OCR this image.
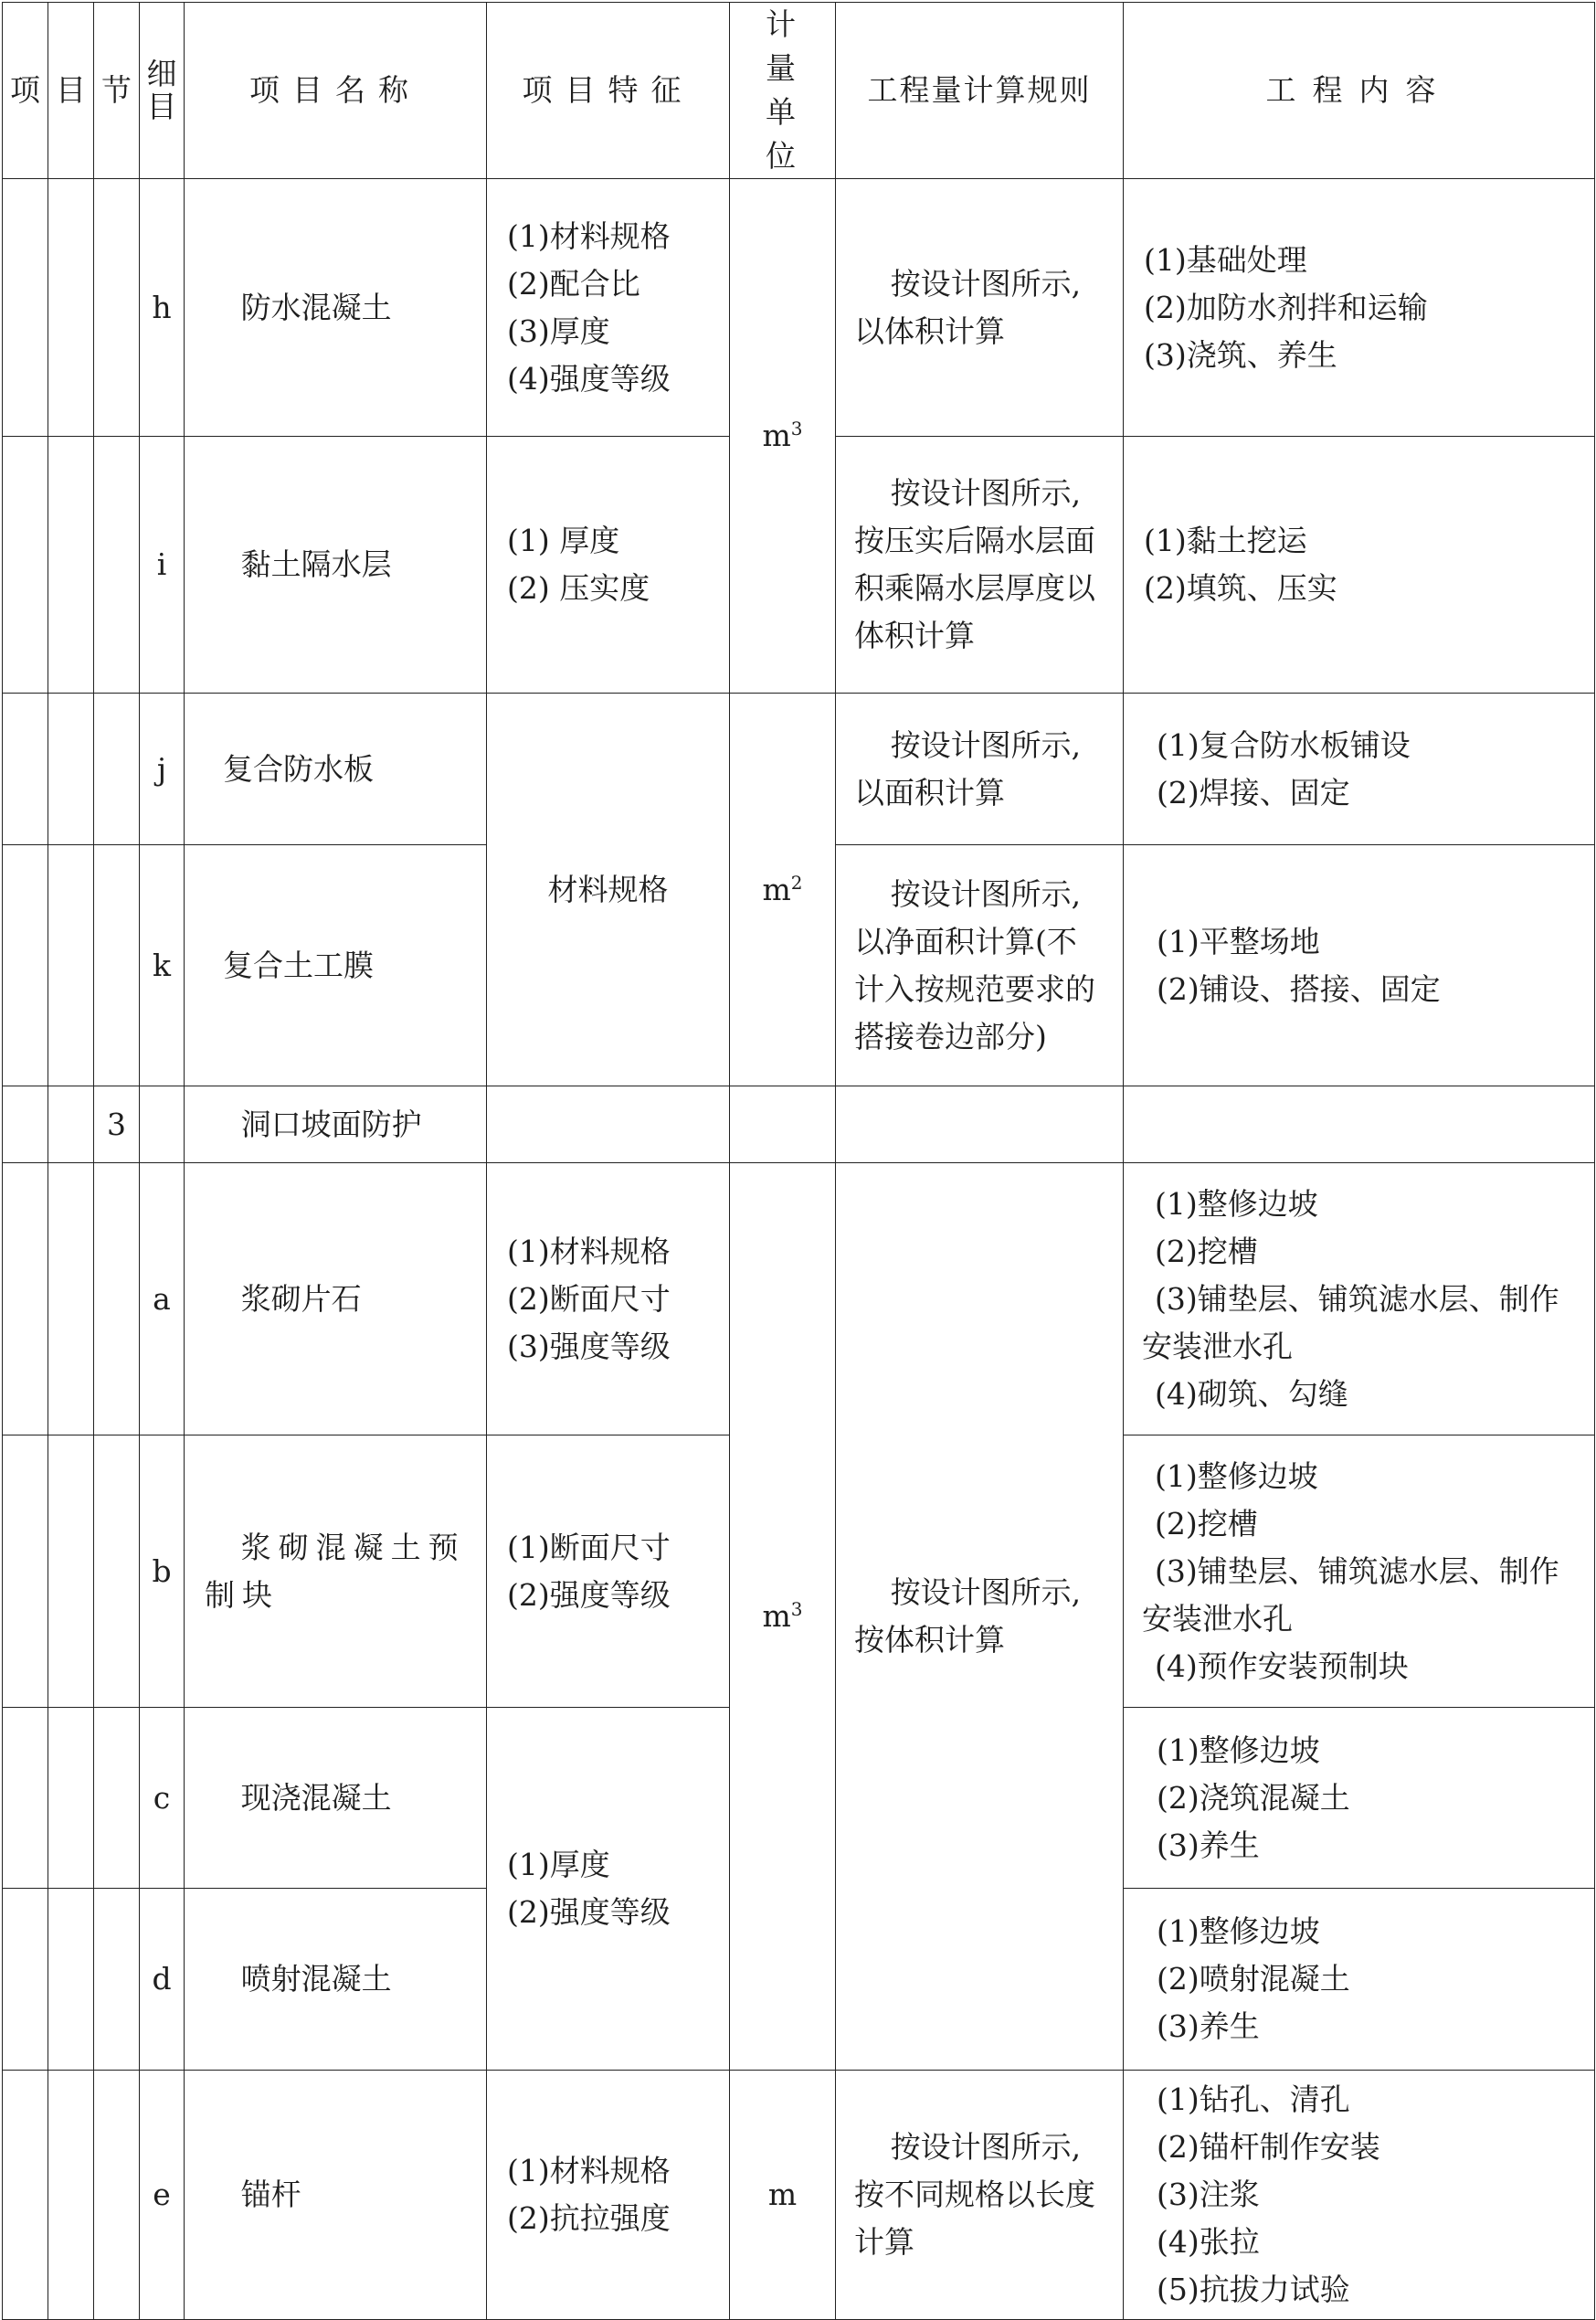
项	目	节	细目	项目名称	项目特征	计量单位	工程量计算规则	工程内容
			h	防水混凝土	(1)材料规格
(2)配合比
(3)厚度
(4)强度等级	$m^3$	按设计图所示,以体积计算	(1)基础处理
(2)加防水剂拌和运输
(3)浇筑、养生

			i	黏土隔水层	(1) 厚度
(2) 压实度		按设计图所示,按压实后隔水层面积乘隔水层厚度以体积计算	(1)黏土挖运
(2)填筑、压实

			j	复合防水板	材料规格	$m^2$	按设计图所示,以面积计算	(1)复合防水板铺设
(2)焊接、固定

			k	复合土工膜			按设计图所示,以净面积计算(不计入按规范要求的搭接卷边部分)	(1)平整场地
(2)铺设、搭接、固定

		3		洞口坡面防护				

			a	浆砌片石	(1)材料规格
(2)断面尺寸
(3)强度等级	$m^3$	按设计图所示,按体积计算	(1)整修边坡
(2)挖槽
(3)铺垫层、铺筑滤水层、制作安装泄水孔
(4)砌筑、勾缝

			b	浆砌混凝土预制块	(1)断面尺寸
(2)强度等级			(1)整修边坡
(2)挖槽
(3)铺垫层、铺筑滤水层、制作安装泄水孔
(4)预作安装预制块

			c	现浇混凝土	(1)厚度
(2)强度等级			(1)整修边坡
(2)浇筑混凝土
(3)养生

			d	喷射混凝土				(1)整修边坡
(2)喷射混凝土
(3)养生

			e	锚杆	(1)材料规格
(2)抗拉强度	m	按设计图所示,按不同规格以长度计算	(1)钻孔、清孔
(2)锚杆制作安装
(3)注浆
(4)张拉
(5)抗拔力试验
